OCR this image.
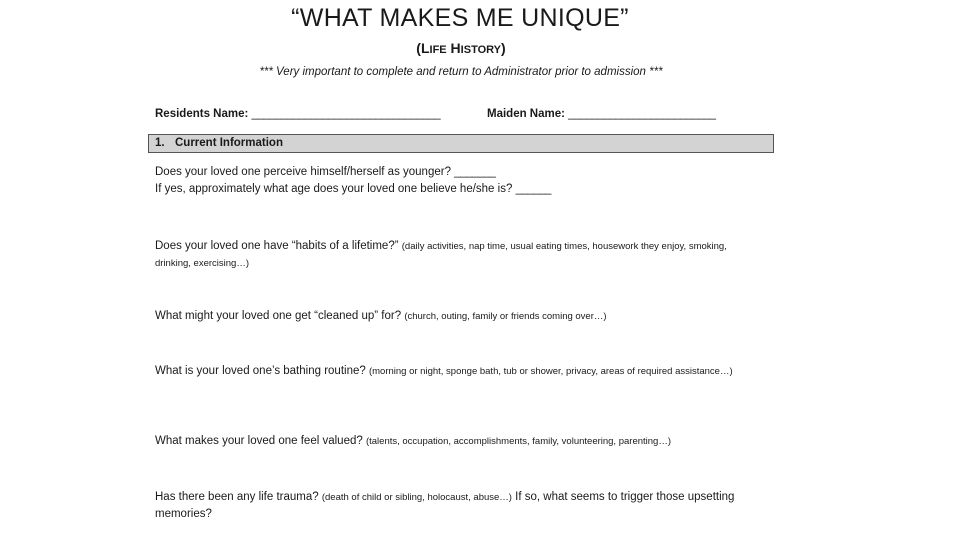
“WHAT MAKES ME UNIQUE”
(LIFE HISTORY)
*** Very important to complete and return to Administrator prior to admission ***
Residents Name: ________________________________	Maiden Name: _________________________
1. Current Information
Does your loved one perceive himself/herself as younger? _______
If yes, approximately what age does your loved one believe he/she is? ______
Does your loved one have “habits of a lifetime?” (daily activities, nap time, usual eating times, housework they enjoy, smoking, drinking, exercising…)
What might your loved one get “cleaned up” for? (church, outing, family or friends coming over…)
What is your loved one’s bathing routine? (morning or night, sponge bath, tub or shower, privacy, areas of required assistance…)
What makes your loved one feel valued? (talents, occupation, accomplishments, family, volunteering, parenting…)
Has there been any life trauma? (death of child or sibling, holocaust, abuse…) If so, what seems to trigger those upsetting memories?
